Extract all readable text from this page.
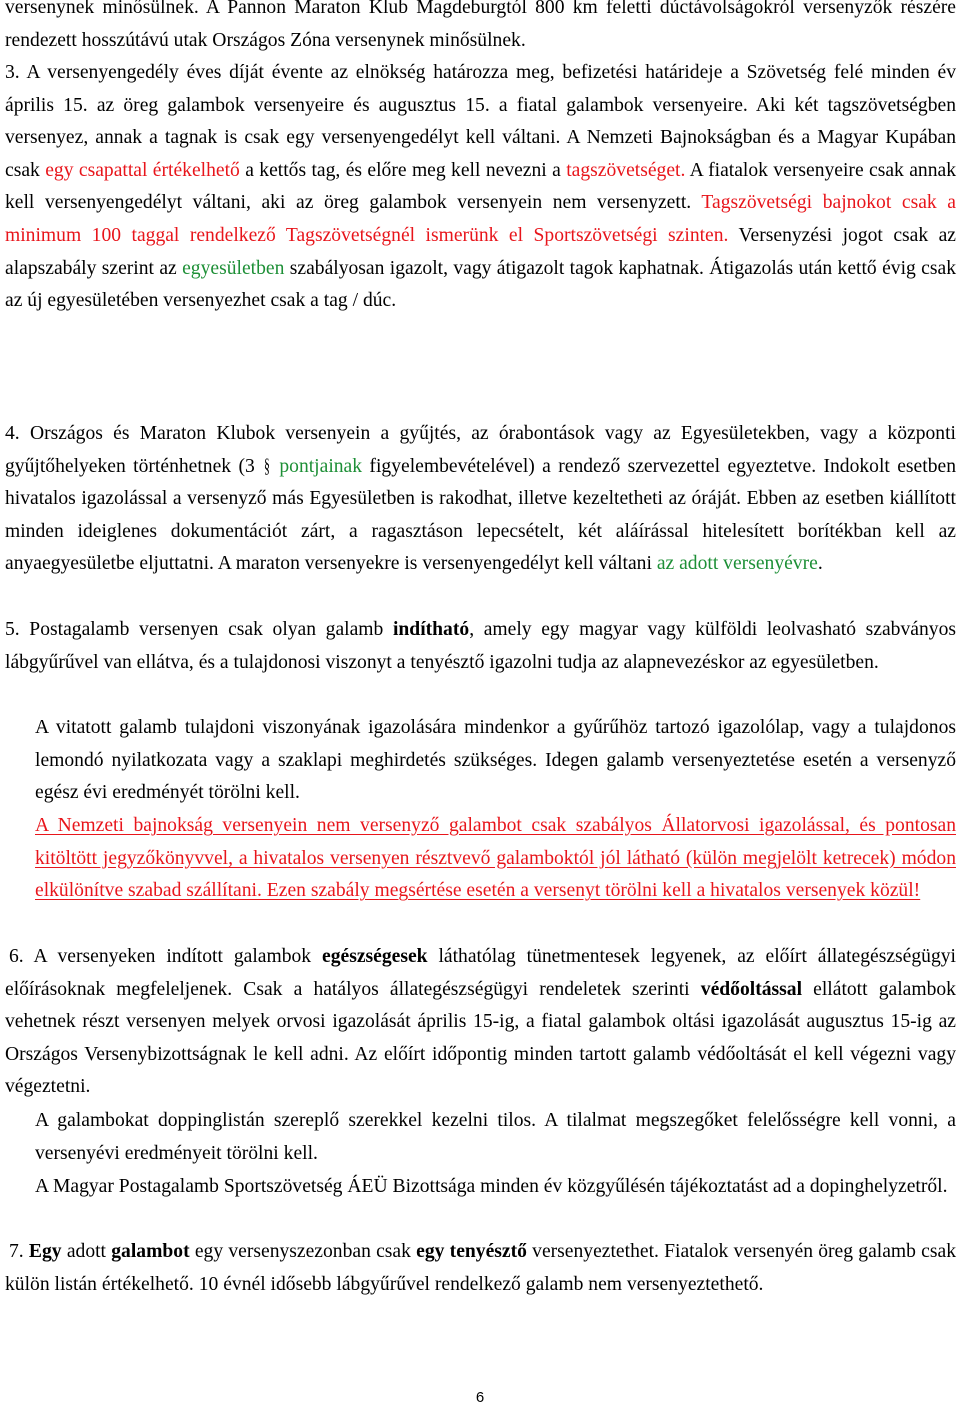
versenynek minősülnek. A Pannon Maraton Klub Magdeburgtól 800 km feletti dúctávolságokról versenyzők részére rendezett hosszútávú utak Országos Zóna versenynek minősülnek.

3. A versenyengedély éves díját évente az elnökség határozza meg, befizetési határideje a Szövetség felé minden év április 15. az öreg galambok versenyeire és augusztus 15. a fiatal galambok versenyeire. Aki két tagszövetségben versenyez, annak a tagnak is csak egy versenyengedélyt kell váltani. A Nemzeti Bajnokságban és a Magyar Kupában csak egy csapattal értékelhető a kettős tag, és előre meg kell nevezni a tagszövetséget. A fiatalok versenyeire csak annak kell versenyengedélyt váltani, aki az öreg galambok versenyein nem versenyzett. Tagszövetségi bajnokot csak a minimum 100 taggal rendelkező Tagszövetségnél ismerünk el Sportszövetségi szinten. Versenyzési jogot csak az alapszabály szerint az egyesületben szabályosan igazolt, vagy átigazolt tagok kaphatnak. Átigazolás után kettő évig csak az új egyesületében versenyezhet csak a tag / dúc.

4. Országos és Maraton Klubok versenyein a gyűjtés, az órabontások vagy az Egyesületekben, vagy a központi gyűjtőhelyeken történhetnek (3 § pontjainak figyelembevételével) a rendező szervezettel egyeztetve. Indokolt esetben hivatalos igazolással a versenyző más Egyesületben is rakodhat, illetve kezeltetheti az óráját. Ebben az esetben kiállított minden ideiglenes dokumentációt zárt, a ragasztáson lepecsételt, két aláírással hitelesített borítékban kell az anyaegyesületbe eljuttatni. A maraton versenyekre is versenyengedélyt kell váltani az adott versenyévre.

5. Postagalamb versenyen csak olyan galamb indítható, amely egy magyar vagy külföldi leolvasható szabványos lábgyűrűvel van ellátva, és a tulajdonosi viszonyt a tenyésztő igazolni tudja az alapnevezéskor az egyesületben.

A vitatott galamb tulajdoni viszonyának igazolására mindenkor a gyűrűhöz tartozó igazolólap, vagy a tulajdonos lemondó nyilatkozata vagy a szaklapi meghirdetés szükséges. Idegen galamb versenyeztetése esetén a versenyző egész évi eredményét törölni kell.

A Nemzeti bajnokság versenyein nem versenyző galambot csak szabályos Állatorvosi igazolással, és pontosan kitöltött jegyzőkönyvvel, a hivatalos versenyen résztvevő galamboktól jól látható (külön megjelölt ketrecek) módon elkülönítve szabad szállítani. Ezen szabály megsértése esetén a versenyt törölni kell a hivatalos versenyek közül!

6. A versenyeken indított galambok egészségesek láthatólag tünetmentesek legyenek, az előírt állategészségügyi előírásoknak megfeleljenek. Csak a hatályos állategészségügyi rendeletek szerinti védőoltással ellátott galambok vehetnek részt versenyen melyek orvosi igazolását április 15-ig, a fiatal galambok oltási igazolását augusztus 15-ig az Országos Versenybizottságnak le kell adni. Az előírt időpontig minden tartott galamb védőoltását el kell végezni vagy végeztetni.

A galambokat doppinglistán szereplő szerekkel kezelni tilos. A tilalmat megszegőket felelősségre kell vonni, a versenyévi eredményeit törölni kell.

A Magyar Postagalamb Sportszövetség ÁEÜ Bizottsága minden év közgyűlésén tájékoztatást ad a dopinghelyzetről.

7. Egy adott galambot egy versenyszezonban csak egy tenyésztő versenyeztethet. Fiatalok versenyén öreg galamb csak külön listán értékelhető. 10 évnél idősebb lábgyűrűvel rendelkező galamb nem versenyeztethető.

6
